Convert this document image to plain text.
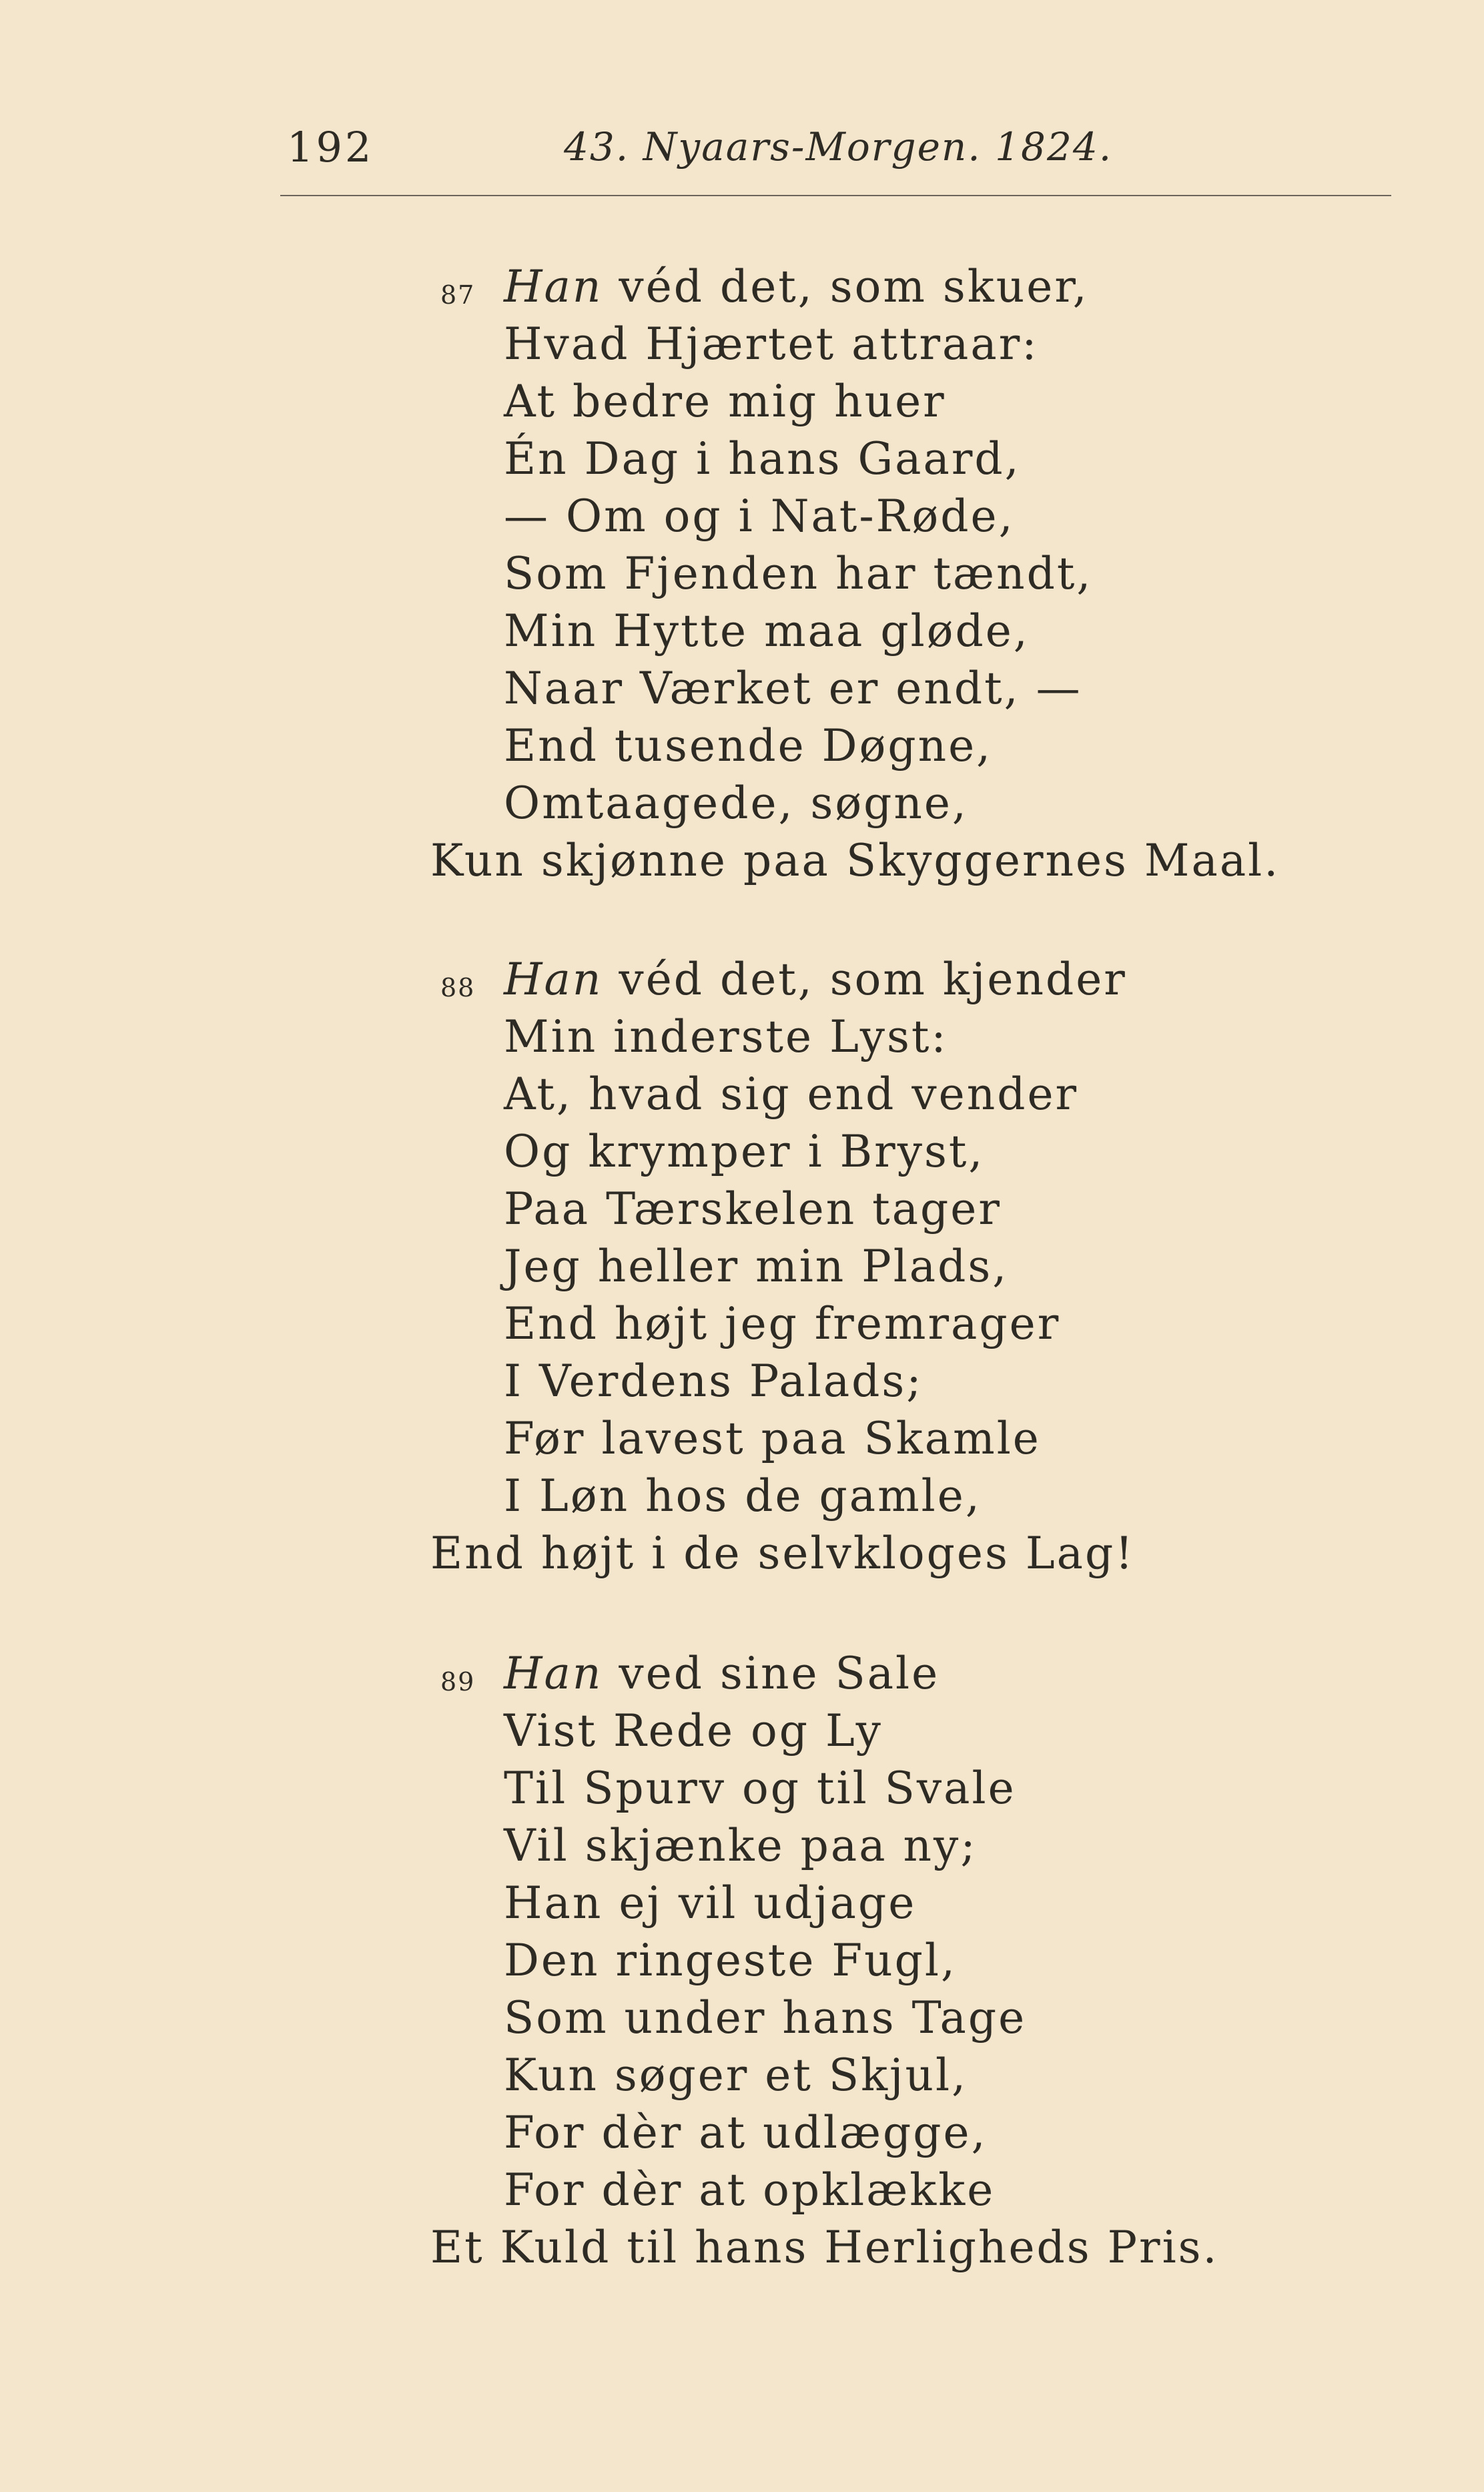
192	43. Nyaars-Morgen. 1824.
87 Han véd det, som skuer,
Hvad Hjærtet attraar:
At bedre mig huer
Én Dag i hans Gaard,
— Om og i Nat-Røde,
Som Fjenden har tændt,
Min Hytte maa gløde,
Naar Værket er endt, —
End tusende Døgne,
Omtaagede, søgne,
Kun skjønne paa Skyggernes Maal.
88 Han véd det, som kjender
Min inderste Lyst:
At, hvad sig end vender
Og krymper i Bryst,
Paa Tærskelen tager
Jeg heller min Plads,
End højt jeg fremrager
I Verdens Palads;
Før lavest paa Skamle
I Løn hos de gamle,
End højt i de selvkloges Lag!
89 Han ved sine Sale
Vist Rede og Ly
Til Spurv og til Svale
Vil skjænke paa ny;
Han ej vil udjage
Den ringeste Fugl,
Som under hans Tage
Kun søger et Skjul,
For dèr at udlægge,
For dèr at opklække
Et Kuld til hans Herligheds Pris.
